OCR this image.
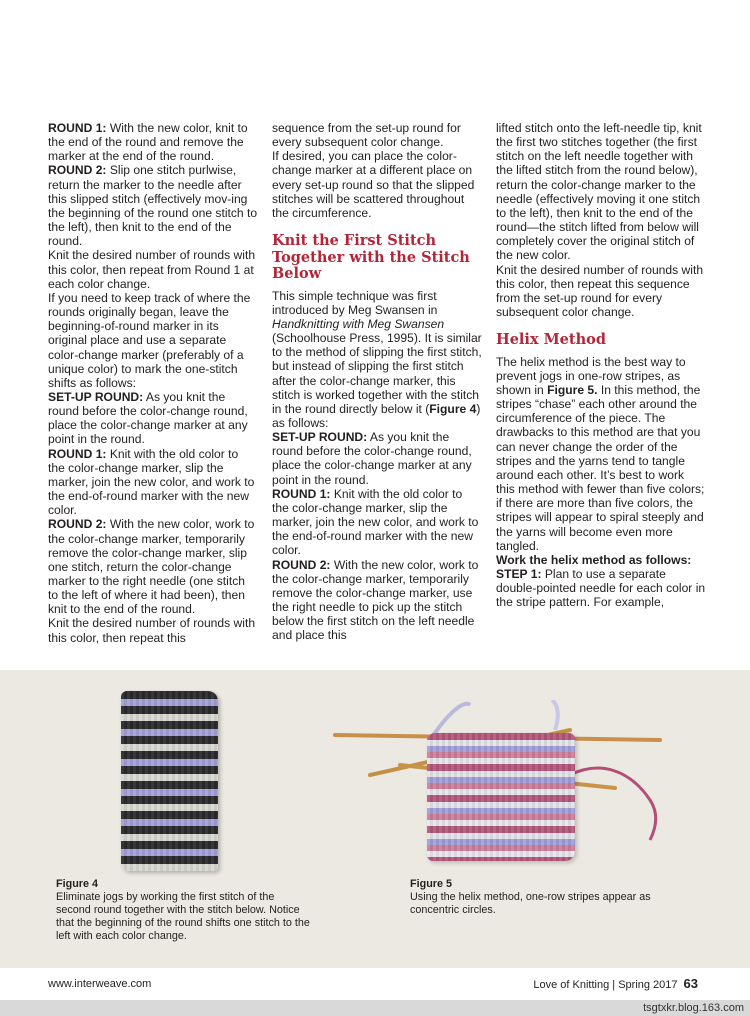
ROUND 1: With the new color, knit to the end of the round and remove the marker at the end of the round.

ROUND 2: Slip one stitch purlwise, return the marker to the needle after this slipped stitch (effectively mov-ing the beginning of the round one stitch to the left), then knit to the end of the round.

Knit the desired number of rounds with this color, then repeat from Round 1 at each color change.

If you need to keep track of where the rounds originally began, leave the beginning-of-round marker in its original place and use a separate color-change marker (preferably of a unique color) to mark the one-stitch shifts as follows:

SET-UP ROUND: As you knit the round before the color-change round, place the color-change marker at any point in the round.

ROUND 1: Knit with the old color to the color-change marker, slip the marker, join the new color, and work to the end-of-round marker with the new color.

ROUND 2: With the new color, work to the color-change marker, temporarily remove the color-change marker, slip one stitch, return the color-change marker to the right needle (one stitch to the left of where it had been), then knit to the end of the round.

Knit the desired number of rounds with this color, then repeat this

sequence from the set-up round for every subsequent color change.

If desired, you can place the color-change marker at a different place on every set-up round so that the slipped stitches will be scattered throughout the circumference.

Knit the First Stitch Together with the Stitch Below

This simple technique was first introduced by Meg Swansen in Handknitting with Meg Swansen (Schoolhouse Press, 1995). It is similar to the method of slipping the first stitch, but instead of slipping the first stitch after the color-change marker, this stitch is worked together with the stitch in the round directly below it (Figure 4) as follows:

SET-UP ROUND: As you knit the round before the color-change round, place the color-change marker at any point in the round.

ROUND 1: Knit with the old color to the color-change marker, slip the marker, join the new color, and work to the end-of-round marker with the new color.

ROUND 2: With the new color, work to the color-change marker, temporarily remove the color-change marker, use the right needle to pick up the stitch below the first stitch on the left needle and place this

lifted stitch onto the left-needle tip, knit the first two stitches together (the first stitch on the left needle together with the lifted stitch from the round below), return the color-change marker to the needle (effectively moving it one stitch to the left), then knit to the end of the round—the stitch lifted from below will completely cover the original stitch of the new color.

Knit the desired number of rounds with this color, then repeat this sequence from the set-up round for every subsequent color change.

Helix Method

The helix method is the best way to prevent jogs in one-row stripes, as shown in Figure 5. In this method, the stripes “chase” each other around the circumference of the piece. The drawbacks to this method are that you can never change the order of the stripes and the yarns tend to tangle around each other. It’s best to work this method with fewer than five colors; if there are more than five colors, the stripes will appear to spiral steeply and the yarns will become even more tangled.

Work the helix method as follows:

STEP 1: Plan to use a separate double-pointed needle for each color in the stripe pattern. For example,

Figure 4
Eliminate jogs by working the first stitch of the second round together with the stitch below. Notice that the beginning of the round shifts one stitch to the left with each color change.
Figure 5
Using the helix method, one-row stripes appear as concentric circles.
www.interweave.com	Love of Knitting | Spring 2017 63
tsgtxkr.blog.163.com
